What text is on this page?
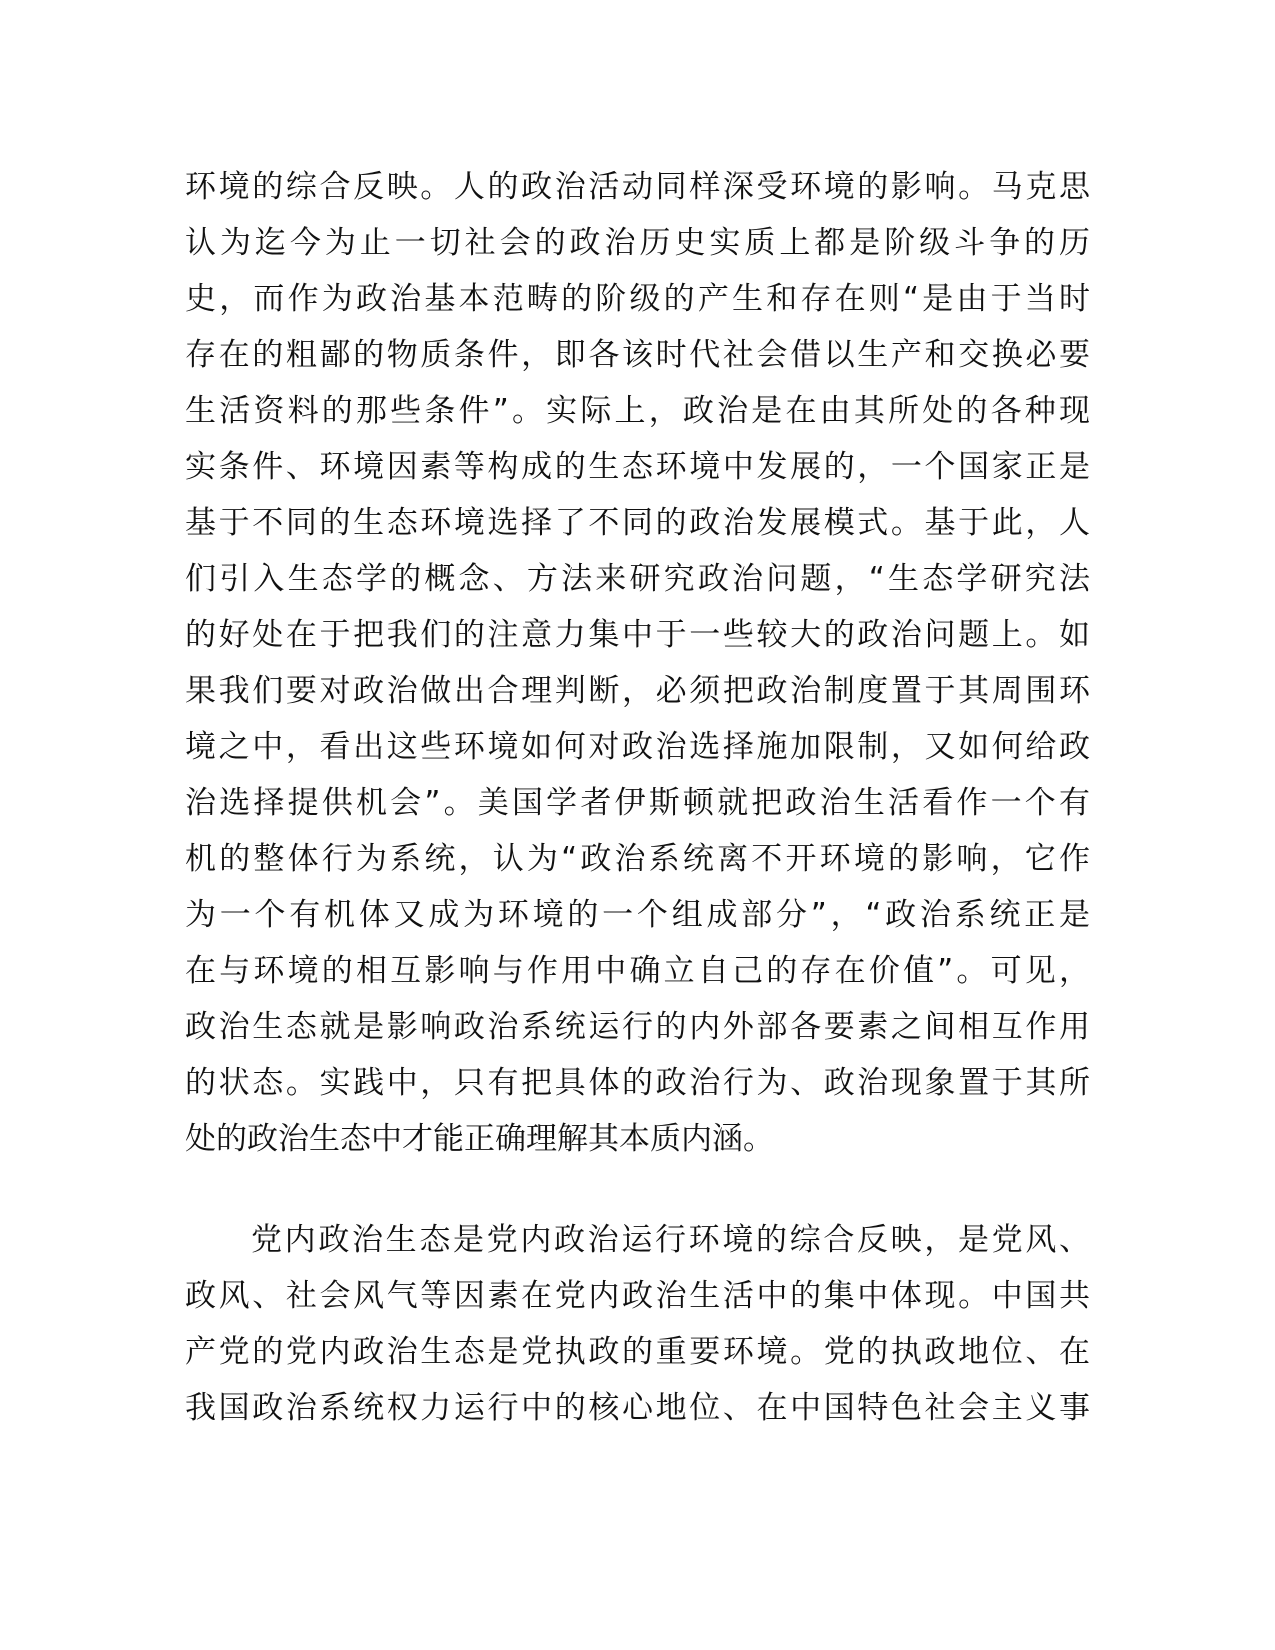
环境的综合反映。人的政治活动同样深受环境的影响。马克思
认为迄今为止一切社会的政治历史实质上都是阶级斗争的历
史，而作为政治基本范畴的阶级的产生和存在则“是由于当时
存在的粗鄙的物质条件，即各该时代社会借以生产和交换必要
生活资料的那些条件”。实际上，政治是在由其所处的各种现
实条件、环境因素等构成的生态环境中发展的，一个国家正是
基于不同的生态环境选择了不同的政治发展模式。基于此，人
们引入生态学的概念、方法来研究政治问题，“生态学研究法
的好处在于把我们的注意力集中于一些较大的政治问题上。如
果我们要对政治做出合理判断，必须把政治制度置于其周围环
境之中，看出这些环境如何对政治选择施加限制，又如何给政
治选择提供机会”。美国学者伊斯顿就把政治生活看作一个有
机的整体行为系统，认为“政治系统离不开环境的影响，它作
为一个有机体又成为环境的一个组成部分”，“政治系统正是
在与环境的相互影响与作用中确立自己的存在价值”。可见，
政治生态就是影响政治系统运行的内外部各要素之间相互作用
的状态。实践中，只有把具体的政治行为、政治现象置于其所
处的政治生态中才能正确理解其本质内涵。
党内政治生态是党内政治运行环境的综合反映，是党风、
政风、社会风气等因素在党内政治生活中的集中体现。中国共
产党的党内政治生态是党执政的重要环境。党的执政地位、在
我国政治系统权力运行中的核心地位、在中国特色社会主义事
